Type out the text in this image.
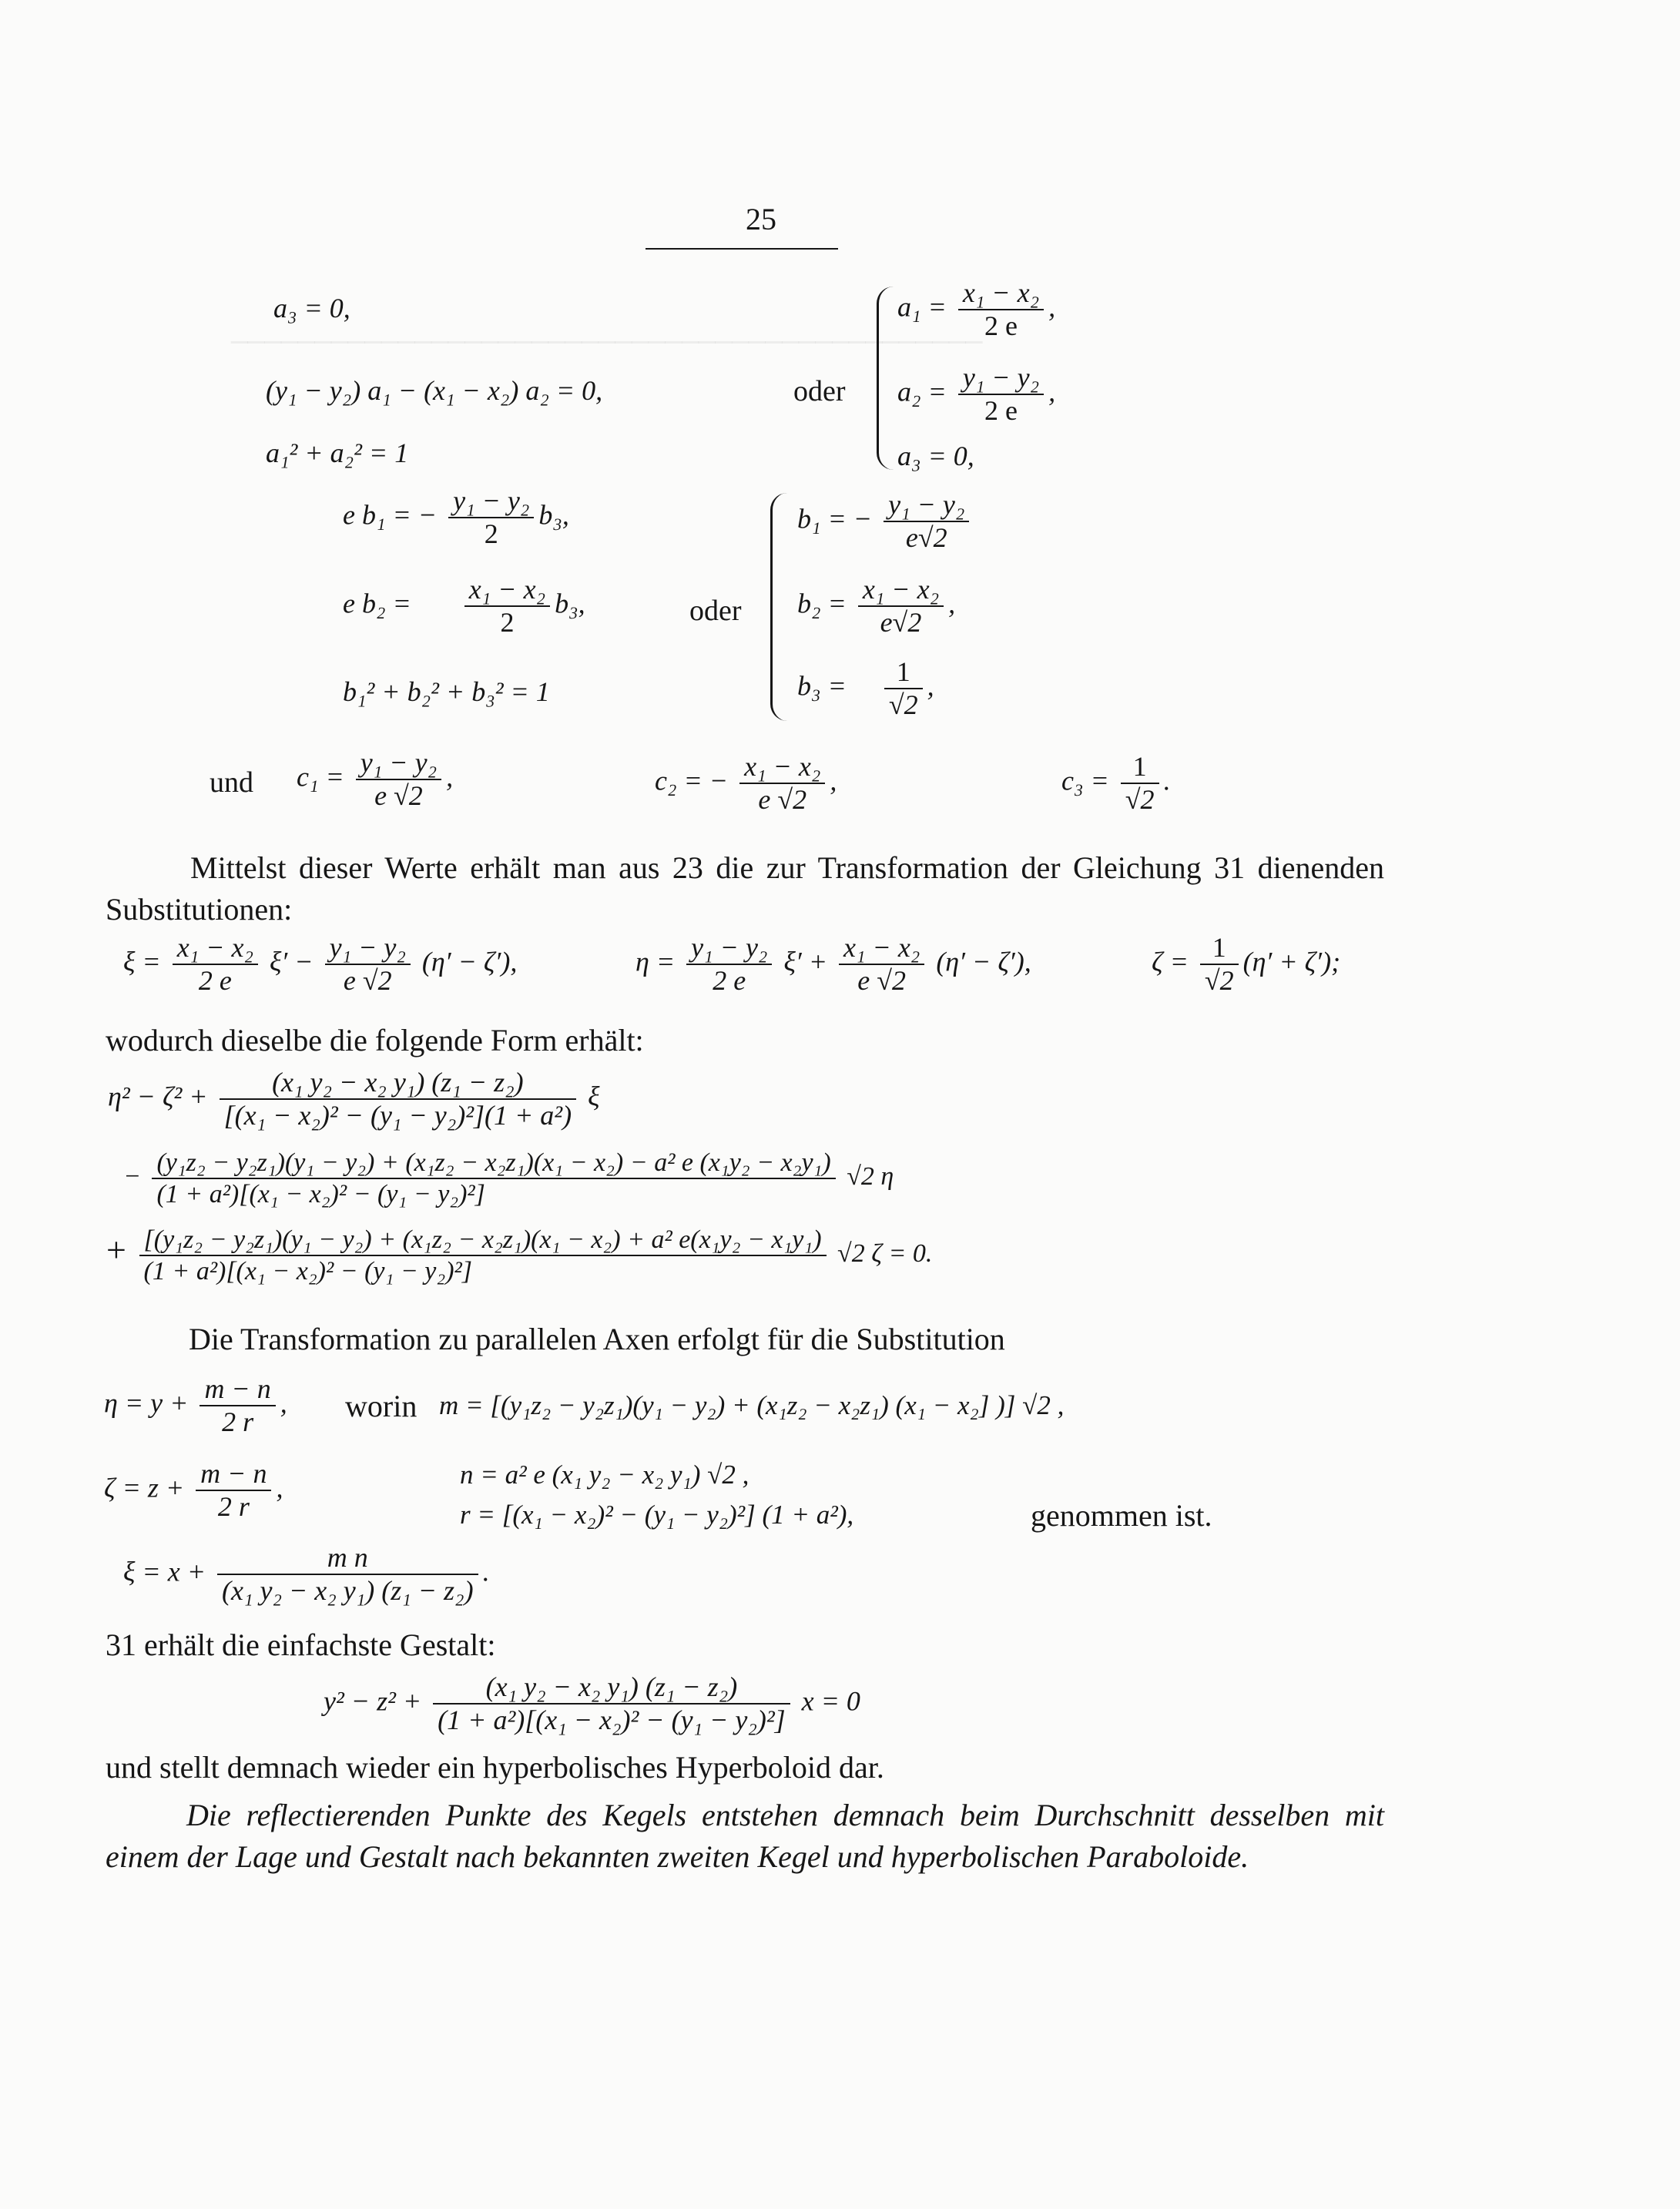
─────────────────────────────────────────────
25
a₃ = 0,
(y₁ − y₂) a₁ − (x₁ − x₂) a₂ = 0,
a₁² + a₂² = 1
oder
$a_1 = \frac{\text{x₁ − x₂}}{2 e}$ ,
$a_2 = \frac{\text{y₁ − y₂}}{2 e}$ ,
a₃ = 0,
e b₁ = − $\frac{\text{y₁ − y₂}}{2} b_3$,
e $b_2 = \frac{\text{x₁ − x₂}}{2} b_3$,	oder
b₁² + b₂² + b₃² = 1
b₁ = − $\frac{\text{y₁ − y₂}}{e√2}$
$b_2 = \frac{\text{x₁ − x₂}}{e√2}$ ,
$b_3 = \frac{1}{√2}$ ,
und $c_1 = \frac{\text{y₁ − y₂}}{e √2}$ ,	c₂ = − $\frac{\text{x₁ − x₂}}{e √2}$ ,	$c_3 = \frac{1}{√2}$ .
Mittelst dieser Werte erhält man aus 23 die zur Transformation der Gleichung 31 dienenden Substitutionen:
$\xi = \frac{\text{x₁ − x₂}}{2 e} \xi' - \frac{\text{y₁ − y₂}}{e √2} (\eta' - \zeta')$,	$\eta = \frac{\text{y₁ − y₂}}{2 e} \xi' + \frac{\text{x₁ − x₂}}{e √2} (\eta' - \zeta')$,	$\zeta = \frac{1}{√2} (\eta' + \zeta')$;
wodurch dieselbe die folgende Form erhält:
$\eta^2 - \zeta^2 + \frac{\text{(x₁ y₂ − x₂ y₁) (z₁ − z₂)}}{\text{[(x₁ − x₂)² − (y₁ − y₂)²](1 + a²)}}$ ξ
− (y₁z₂ − y₂z₁)(y₁ − y₂) + (x₁z₂ − x₂z₁)(x₁ − x₂) − a² e (x₁y₂ − x₂y₁)
(1 + a²)[(x₁ − x₂)² − (y₁ − y₂)²]
√2 η
+ [(y₁z₂ − y₂z₁)(y₁ − y₂) + (x₁z₂ − x₂z₁)(x₁ − x₂) + a² e(x₁y₂ − x₁y₁)
(1 + a²)[(x₁ − x₂)² − (y₁ − y₂)²]
√2 ζ = 0.
Die Transformation zu parallelen Axen erfolgt für die Substitution
$\eta = y + \frac{m - n}{2 r}$ , worin m = [(y₁z₂ − y₂z₁)(y₁ − y₂) + (x₁z₂ − x₂z₁) (x₁ − x₂] )] √2 ,
$\zeta = z + \frac{m - n}{2 r}$ ,	n = a² e (x₁ y₂ − x₂ y₁) √2 ,
r = [(x₁ − x₂)² − (y₁ − y₂)²] (1 + a²),	genommen ist.
$\xi = x + \frac{\text{m n}}{\text{(x₁ y₂ − x₂ y₁) (z₁ − z₂)}}$ .
31 erhält die einfachste Gestalt:
$y^2 - z^2 + \frac{\text{(x₁ y₂ − x₂ y₁) (z₁ − z₂)}}{\text{(1 + a²)[(x₁ − x₂)² − (y₁ − y₂)²]}}$ x = 0
und stellt demnach wieder ein hyperbolisches Hyperboloid dar.
Die reflectierenden Punkte des Kegels entstehen demnach beim Durchschnitt desselben mit einem der Lage und Gestalt nach bekannten zweiten Kegel und hyperbolischen Paraboloide.
